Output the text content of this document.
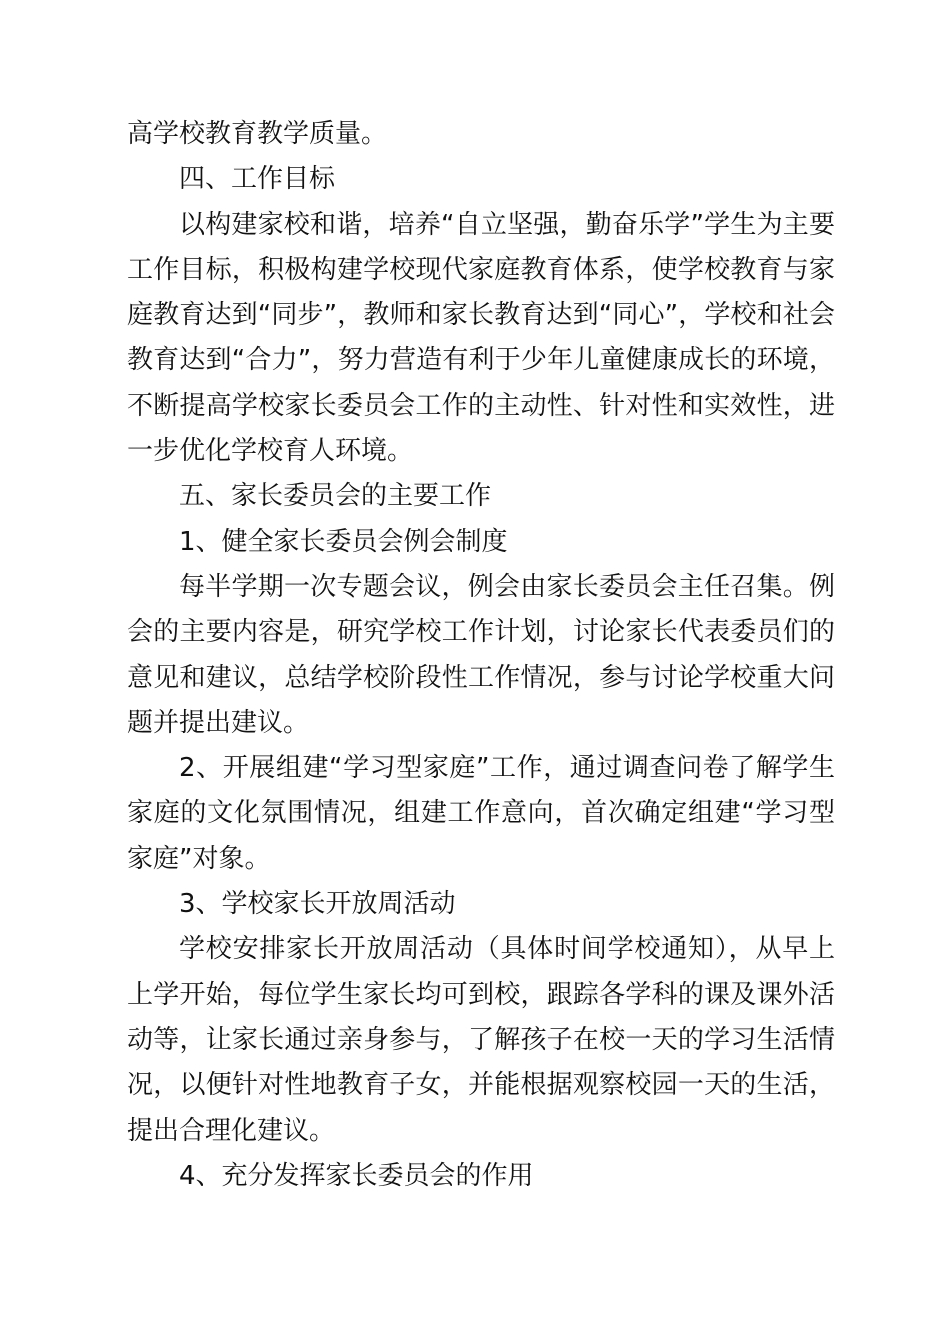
高学校教育教学质量。

四、工作目标

以构建家校和谐，培养“自立坚强，勤奋乐学”学生为主要工作目标，积极构建学校现代家庭教育体系，使学校教育与家庭教育达到“同步”，教师和家长教育达到“同心”，学校和社会教育达到“合力”，努力营造有利于少年儿童健康成长的环境，不断提高学校家长委员会工作的主动性、针对性和实效性，进一步优化学校育人环境。

五、家长委员会的主要工作

1、健全家长委员会例会制度

每半学期一次专题会议，例会由家长委员会主任召集。例会的主要内容是，研究学校工作计划，讨论家长代表委员们的意见和建议，总结学校阶段性工作情况，参与讨论学校重大问题并提出建议。

2、开展组建“学习型家庭”工作，通过调查问卷了解学生家庭的文化氛围情况，组建工作意向，首次确定组建“学习型家庭”对象。

3、学校家长开放周活动

学校安排家长开放周活动（具体时间学校通知），从早上上学开始，每位学生家长均可到校，跟踪各学科的课及课外活动等，让家长通过亲身参与，了解孩子在校一天的学习生活情况，以便针对性地教育子女，并能根据观察校园一天的生活，提出合理化建议。

4、充分发挥家长委员会的作用
